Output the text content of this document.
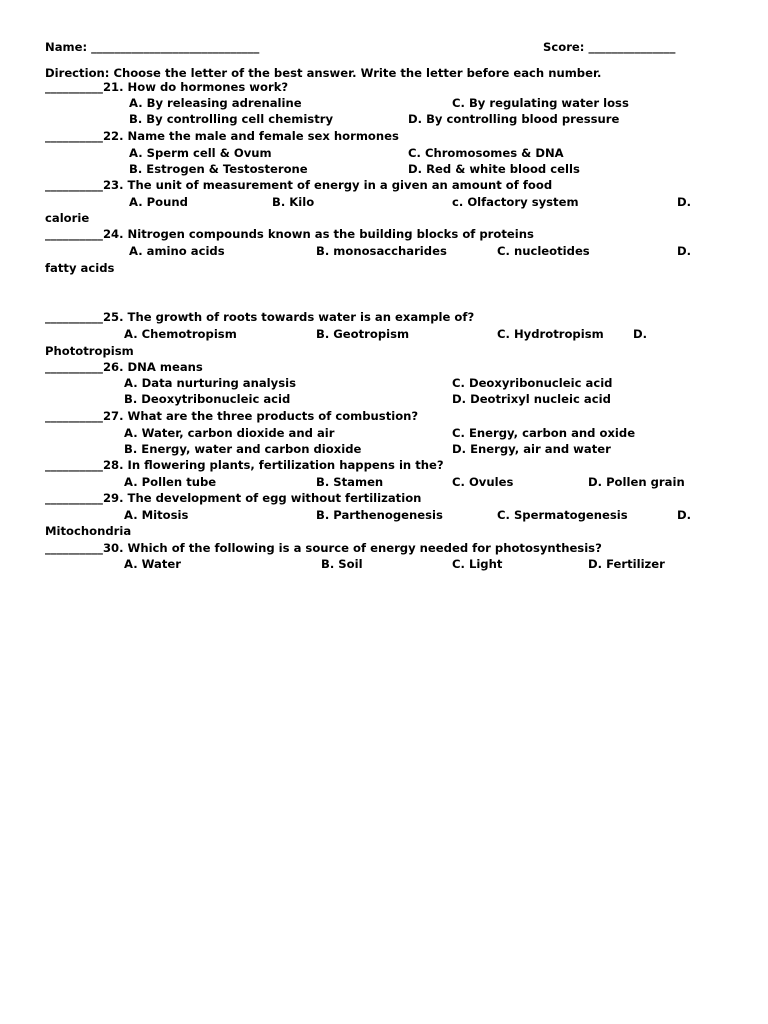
Name: _____________________________	Score: _______________
Direction: Choose the letter of the best answer. Write the letter before each number.
__________21. How do hormones work?
A. By releasing adrenaline	C. By regulating water loss
B. By controlling cell chemistry	D. By controlling blood pressure
__________22. Name the male and female sex hormones
A. Sperm cell & Ovum	C. Chromosomes & DNA
B. Estrogen & Testosterone	D. Red & white blood cells
__________23. The unit of measurement of energy in a given an amount of food
A. Pound	B. Kilo	c. Olfactory system	D.
calorie
__________24. Nitrogen compounds known as the building blocks of proteins
A. amino acids	B. monosaccharides	C. nucleotides	D.
fatty acids
__________25. The growth of roots towards water is an example of?
A. Chemotropism	B. Geotropism	C. Hydrotropism	D.
Phototropism
__________26. DNA means
A. Data nurturing analysis	C. Deoxyribonucleic acid
B. Deoxytribonucleic acid	D. Deotrixyl nucleic acid
__________27. What are the three products of combustion?
A. Water, carbon dioxide and air	C. Energy, carbon and oxide
B. Energy, water and carbon dioxide	D. Energy, air and water
__________28. In flowering plants, fertilization happens in the?
A. Pollen tube	B. Stamen	C. Ovules	D. Pollen grain
__________29. The development of egg without fertilization
A. Mitosis	B. Parthenogenesis	C. Spermatogenesis	D.
Mitochondria
__________30. Which of the following is a source of energy needed for photosynthesis?
A. Water	B. Soil	C. Light	D. Fertilizer
